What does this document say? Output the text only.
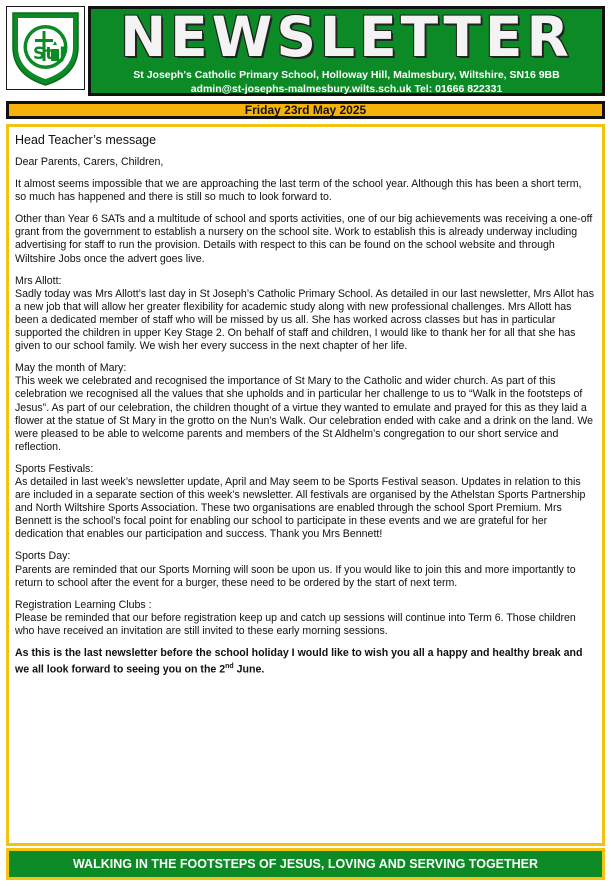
St J NEWSLETTER
St Joseph's Catholic Primary School, Holloway Hill, Malmesbury, Wiltshire, SN16 9BB
admin@st-josephs-malmesbury.wilts.sch.uk Tel: 01666 822331
Friday 23rd May 2025
Head Teacher’s message

Dear Parents, Carers, Children,

It almost seems impossible that we are approaching the last term of the school year. Although this has been a short term, so much has happened and there is still so much to look forward to.

Other than Year 6 SATs and a multitude of school and sports activities, one of our big achievements was receiving a one-off grant from the government to establish a nursery on the school site. Work to establish this is already underway including advertising for staff to run the provision. Details with respect to this can be found on the school website and through Wiltshire Jobs once the advert goes live.

Mrs Allott:
Sadly today was Mrs Allott’s last day in St Joseph’s Catholic Primary School. As detailed in our last newsletter, Mrs Allot has a new job that will allow her greater flexibility for academic study along with new professional challenges. Mrs Allott has been a dedicated member of staff who will be missed by us all. She has worked across classes but has in particular supported the children in upper Key Stage 2. On behalf of staff and children, I would like to thank her for all that she has given to our school family. We wish her every success in the next chapter of her life.

May the month of Mary:
This week we celebrated and recognised the importance of St Mary to the Catholic and wider church. As part of this celebration we recognised all the values that she upholds and in particular her challenge to us to “Walk in the footsteps of Jesus”. As part of our celebration, the children thought of a virtue they wanted to emulate and prayed for this as they laid a flower at the statue of St Mary in the grotto on the Nun’s Walk. Our celebration ended with cake and a drink on the land. We were pleased to be able to welcome parents and members of the St Aldhelm’s congregation to our short service and reflection.

Sports Festivals:
As detailed in last week’s newsletter update, April and May seem to be Sports Festival season. Updates in relation to this are included in a separate section of this week’s newsletter. All festivals are organised by the Athelstan Sports Partnership and North Wiltshire Sports Association. These two organisations are enabled through the school Sport Premium. Mrs Bennett is the school’s focal point for enabling our school to participate in these events and we are grateful for her dedication that enables our participation and success. Thank you Mrs Bennett!

Sports Day:
Parents are reminded that our Sports Morning will soon be upon us. If you would like to join this and more importantly to return to school after the event for a burger, these need to be ordered by the start of next term.

Registration Learning Clubs :
Please be reminded that our before registration keep up and catch up sessions will continue into Term 6. Those children who have received an invitation are still invited to these early morning sessions.

As this is the last newsletter before the school holiday I would like to wish you all a happy and healthy break and we all look forward to seeing you on the 2nd June.

WALKING IN THE FOOTSTEPS OF JESUS, LOVING AND SERVING TOGETHER
